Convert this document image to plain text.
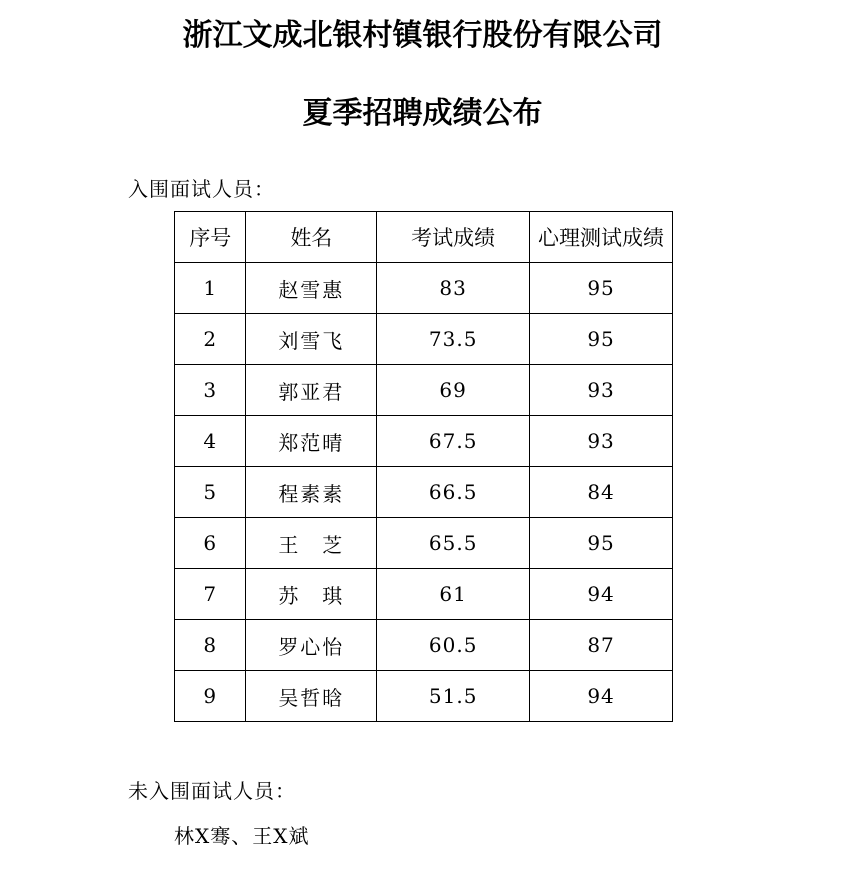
浙江文成北银村镇银行股份有限公司
夏季招聘成绩公布

入围面试人员：

序号	姓名	考试成绩	心理测试成绩
1	赵雪惠	83	95
2	刘雪飞	73.5	95
3	郭亚君	69	93
4	郑范晴	67.5	93
5	程素素	66.5	84
6	王　芝	65.5	95
7	苏　琪	61	94
8	罗心怡	60.5	87
9	吴哲晗	51.5	94

未入围面试人员：

林X骞、王X斌
